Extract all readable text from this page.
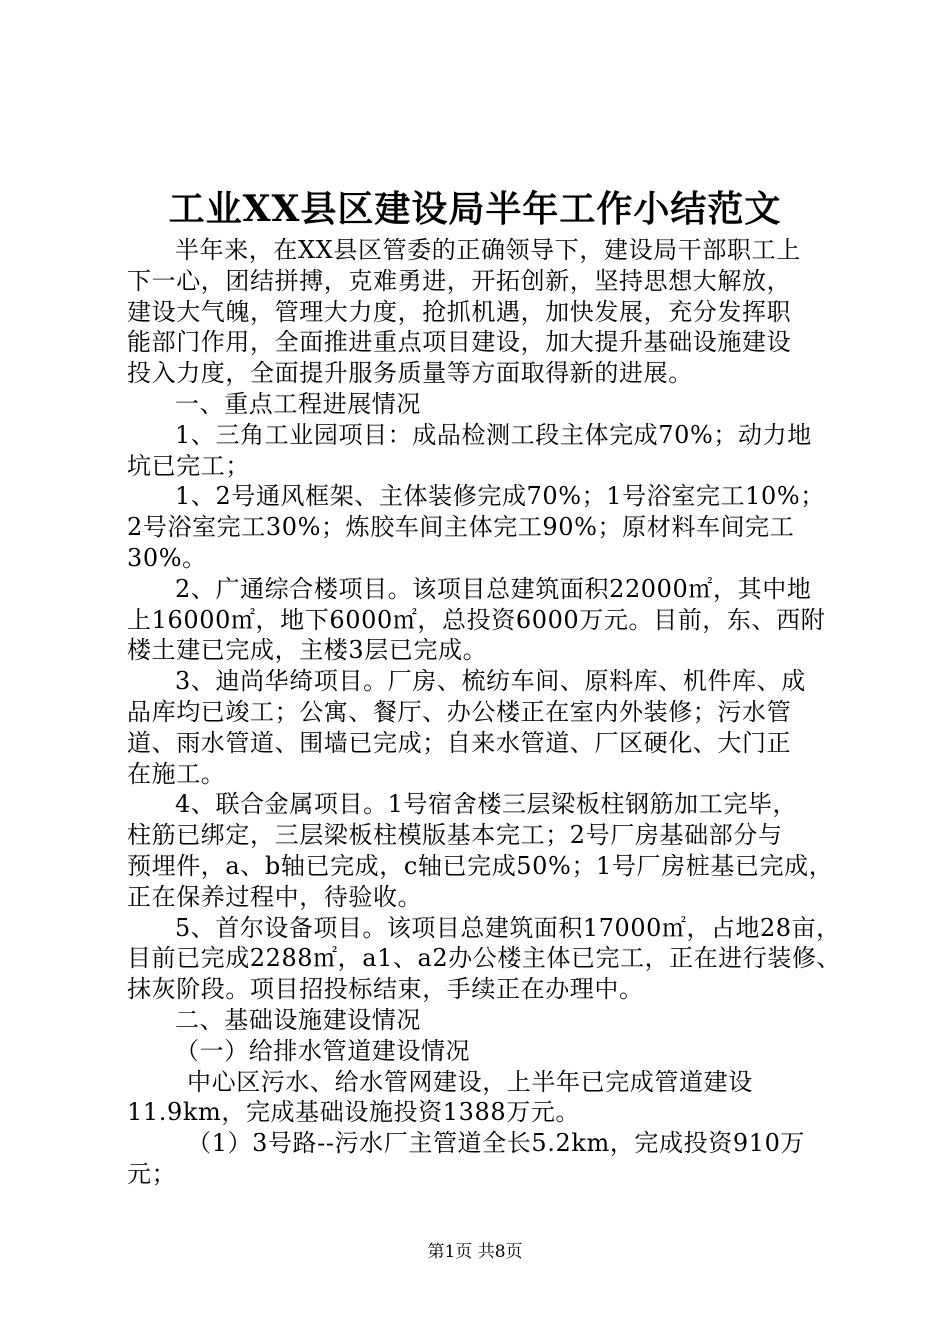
工业XX县区建设局半年工作小结范文
半年来，在XX县区管委的正确领导下，建设局干部职工上
下一心，团结拼搏，克难勇进，开拓创新，坚持思想大解放，
建设大气魄，管理大力度，抢抓机遇，加快发展，充分发挥职
能部门作用，全面推进重点项目建设，加大提升基础设施建设
投入力度，全面提升服务质量等方面取得新的进展。
一、重点工程进展情况
1、三角工业园项目：成品检测工段主体完成70%；动力地
坑已完工；
1、2号通风框架、主体装修完成70%；1号浴室完工10%；
2号浴室完工30%；炼胶车间主体完工90%；原材料车间完工
30%。
2、广通综合楼项目。该项目总建筑面积22000㎡，其中地
上16000㎡，地下6000㎡，总投资6000万元。目前，东、西附
楼土建已完成，主楼3层已完成。
3、迪尚华绮项目。厂房、梳纺车间、原料库、机件库、成
品库均已竣工；公寓、餐厅、办公楼正在室内外装修；污水管
道、雨水管道、围墙已完成；自来水管道、厂区硬化、大门正
在施工。
4、联合金属项目。1号宿舍楼三层梁板柱钢筋加工完毕，
柱筋已绑定，三层梁板柱模版基本完工；2号厂房基础部分与
预埋件，a、b轴已完成，c轴已完成50%；1号厂房桩基已完成，
正在保养过程中，待验收。
5、首尔设备项目。该项目总建筑面积17000㎡，占地28亩，
目前已完成2288㎡，a1、a2办公楼主体已完工，正在进行装修、
抹灰阶段。项目招投标结束，手续正在办理中。
二、基础设施建设情况
（一）给排水管道建设情况
中心区污水、给水管网建设，上半年已完成管道建设
11.9km，完成基础设施投资1388万元。
（1）3号路--污水厂主管道全长5.2km，完成投资910万
元；
第1页 共8页
